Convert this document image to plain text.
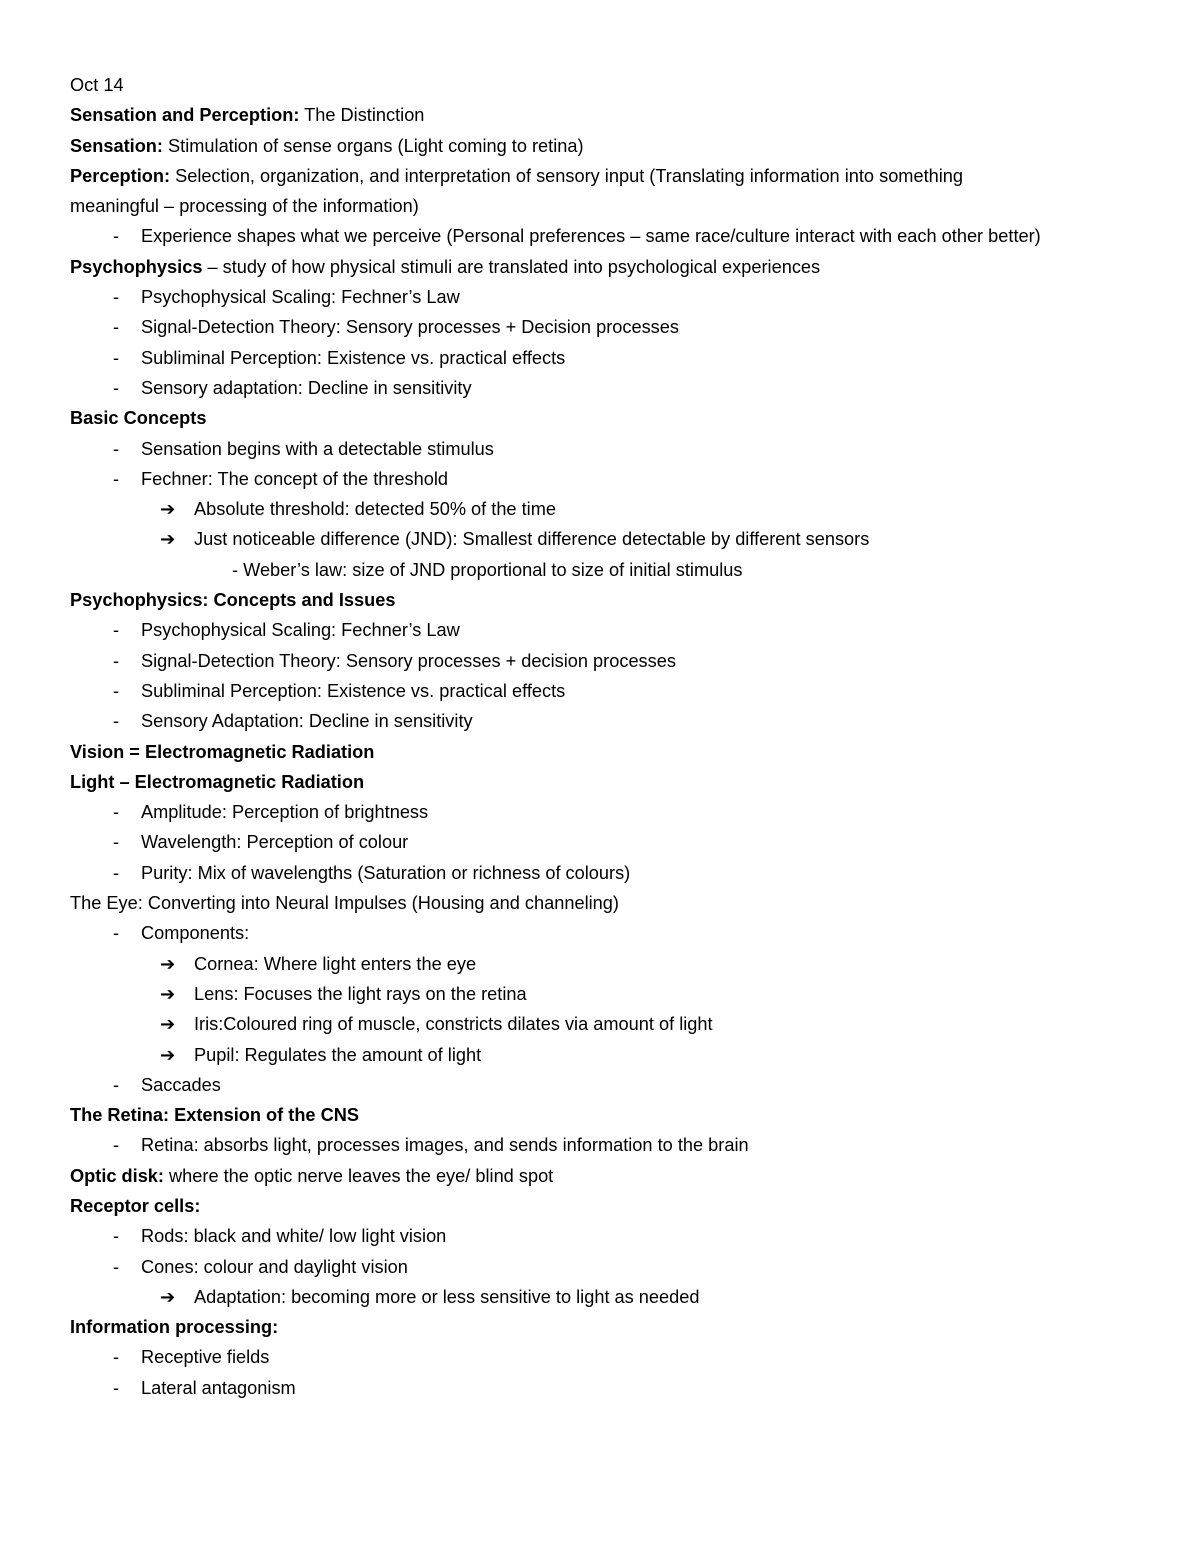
Oct 14
Sensation and Perception: The Distinction
Sensation: Stimulation of sense organs (Light coming to retina)
Perception: Selection, organization, and interpretation of sensory input (Translating information into something
meaningful – processing of the information)
- Experience shapes what we perceive (Personal preferences – same race/culture interact with each other better)
Psychophysics – study of how physical stimuli are translated into psychological experiences
- Psychophysical Scaling: Fechner’s Law
- Signal-Detection Theory: Sensory processes + Decision processes
- Subliminal Perception: Existence vs. practical effects
- Sensory adaptation: Decline in sensitivity
Basic Concepts
- Sensation begins with a detectable stimulus
- Fechner: The concept of the threshold
➔ Absolute threshold: detected 50% of the time
➔ Just noticeable difference (JND): Smallest difference detectable by different sensors
- Weber’s law: size of JND proportional to size of initial stimulus
Psychophysics: Concepts and Issues
- Psychophysical Scaling: Fechner’s Law
- Signal-Detection Theory: Sensory processes + decision processes
- Subliminal Perception: Existence vs. practical effects
- Sensory Adaptation: Decline in sensitivity
Vision = Electromagnetic Radiation
Light – Electromagnetic Radiation
- Amplitude: Perception of brightness
- Wavelength: Perception of colour
- Purity: Mix of wavelengths (Saturation or richness of colours)
The Eye: Converting into Neural Impulses (Housing and channeling)
- Components:
➔ Cornea: Where light enters the eye
➔ Lens: Focuses the light rays on the retina
➔ Iris:Coloured ring of muscle, constricts dilates via amount of light
➔ Pupil: Regulates the amount of light
- Saccades
The Retina: Extension of the CNS
- Retina: absorbs light, processes images, and sends information to the brain
Optic disk: where the optic nerve leaves the eye/ blind spot
Receptor cells:
- Rods: black and white/ low light vision
- Cones: colour and daylight vision
➔ Adaptation: becoming more or less sensitive to light as needed
Information processing:
- Receptive fields
- Lateral antagonism
